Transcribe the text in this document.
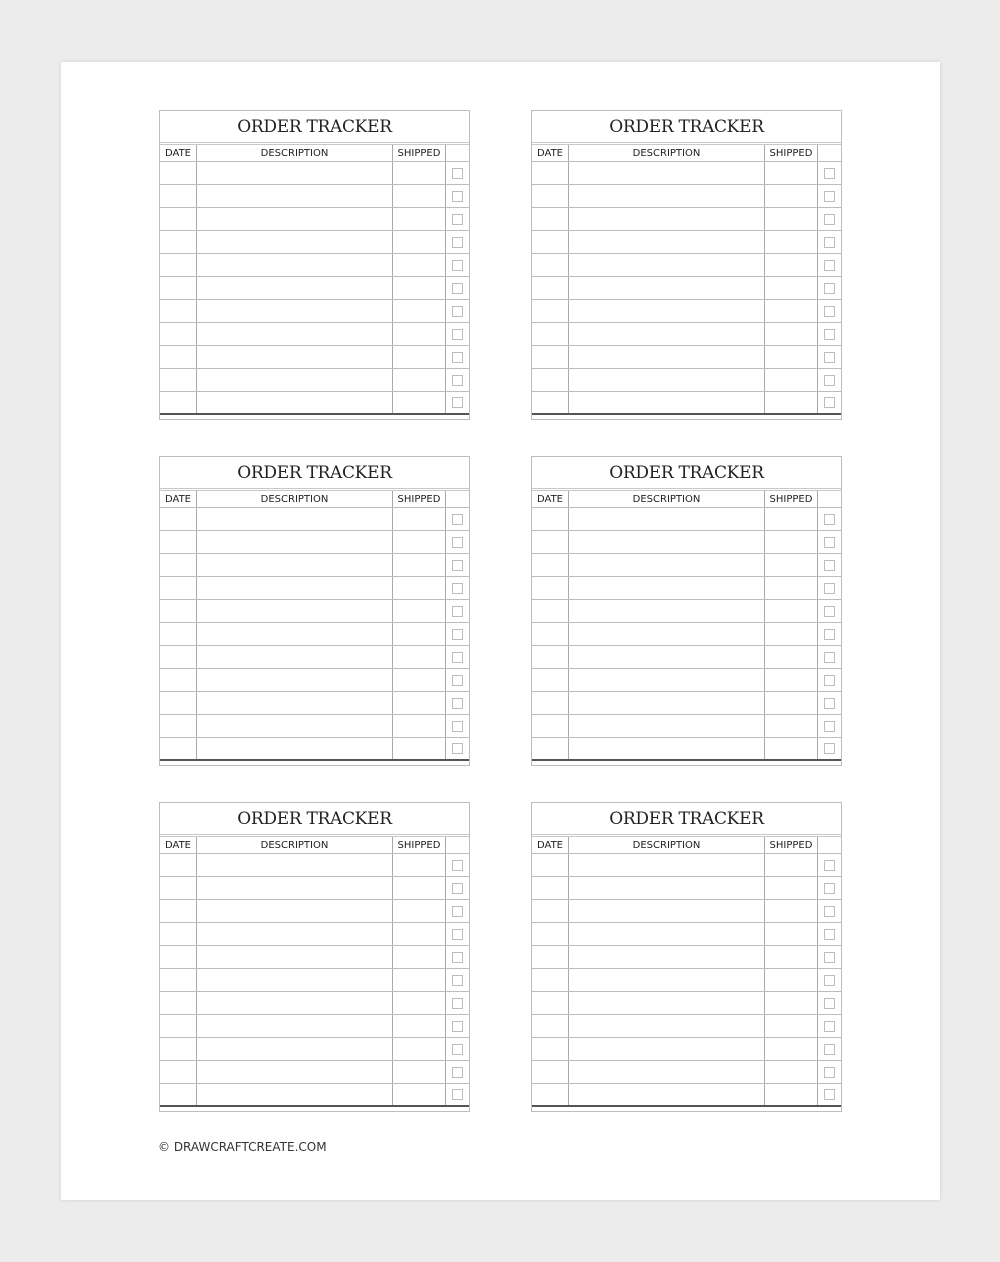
© DRAWCRAFTCREATE.COM
ORDER TRACKER
DATE	DESCRIPTION	SHIPPED
ORDER TRACKER
DATE	DESCRIPTION	SHIPPED
ORDER TRACKER
DATE	DESCRIPTION	SHIPPED
ORDER TRACKER
DATE	DESCRIPTION	SHIPPED
ORDER TRACKER
DATE	DESCRIPTION	SHIPPED
ORDER TRACKER
DATE	DESCRIPTION	SHIPPED
